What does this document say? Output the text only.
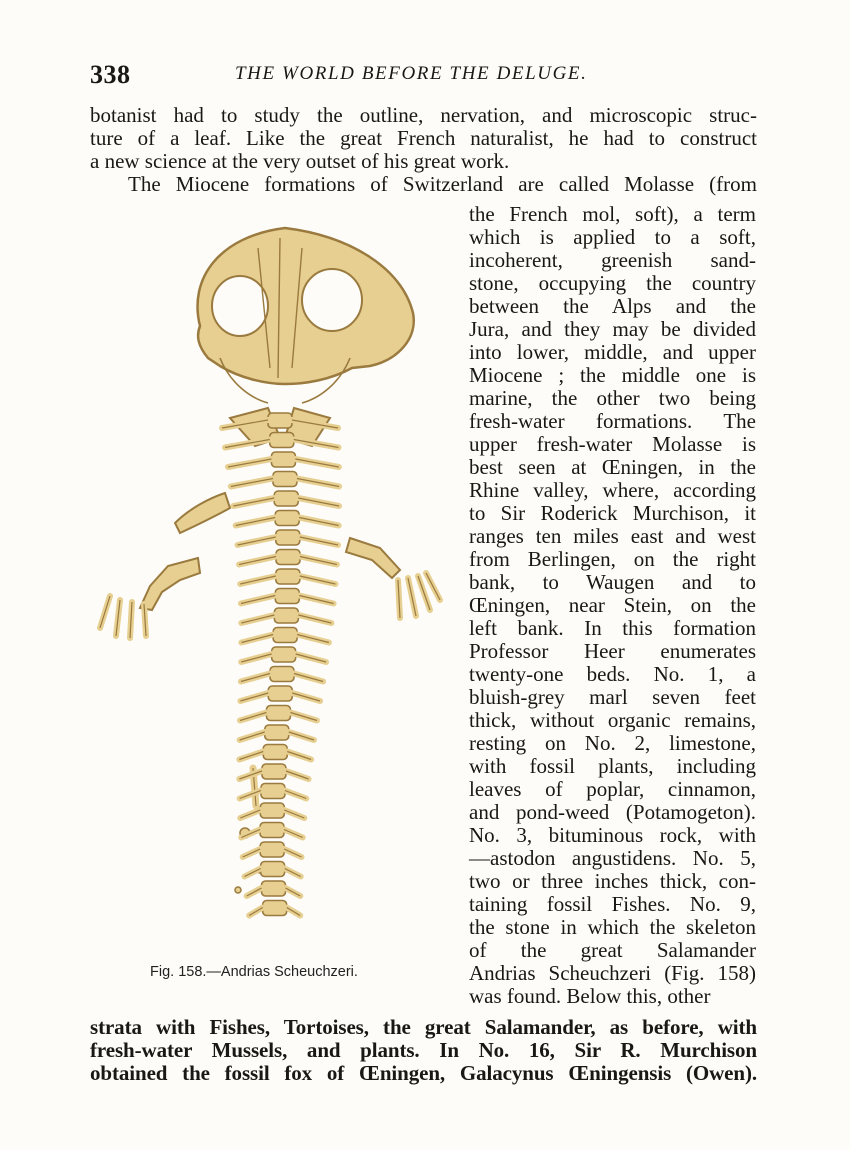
338	THE WORLD BEFORE THE DELUGE.
botanist had to study the outline, nervation, and microscopic struc-
ture of a leaf. Like the great French naturalist, he had to construct
a new science at the very outset of his great work.
The Miocene formations of Switzerland are called Molasse (from
Fig. 158.—Andrias Scheuchzeri.
the French mol, soft), a term
which is applied to a soft,
incoherent, greenish sand-
stone, occupying the country
between the Alps and the
Jura, and they may be divided
into lower, middle, and upper
Miocene ; the middle one is
marine, the other two being
fresh-water formations. The
upper fresh-water Molasse is
best seen at Œningen, in the
Rhine valley, where, according
to Sir Roderick Murchison, it
ranges ten miles east and west
from Berlingen, on the right
bank, to Waugen and to
Œningen, near Stein, on the
left bank. In this formation
Professor Heer enumerates
twenty-one beds. No. 1, a
bluish-grey marl seven feet
thick, without organic remains,
resting on No. 2, limestone,
with fossil plants, including
leaves of poplar, cinnamon,
and pond-weed (Potamogeton).
No. 3, bituminous rock, with
—astodon angustidens. No. 5,
two or three inches thick, con-
taining fossil Fishes. No. 9,
the stone in which the skeleton
of the great Salamander
Andrias Scheuchzeri (Fig. 158)
was found. Below this, other
strata with Fishes, Tortoises, the great Salamander, as before, with
fresh-water Mussels, and plants. In No. 16, Sir R. Murchison
obtained the fossil fox of Œningen, Galacynus Œningensis (Owen).
